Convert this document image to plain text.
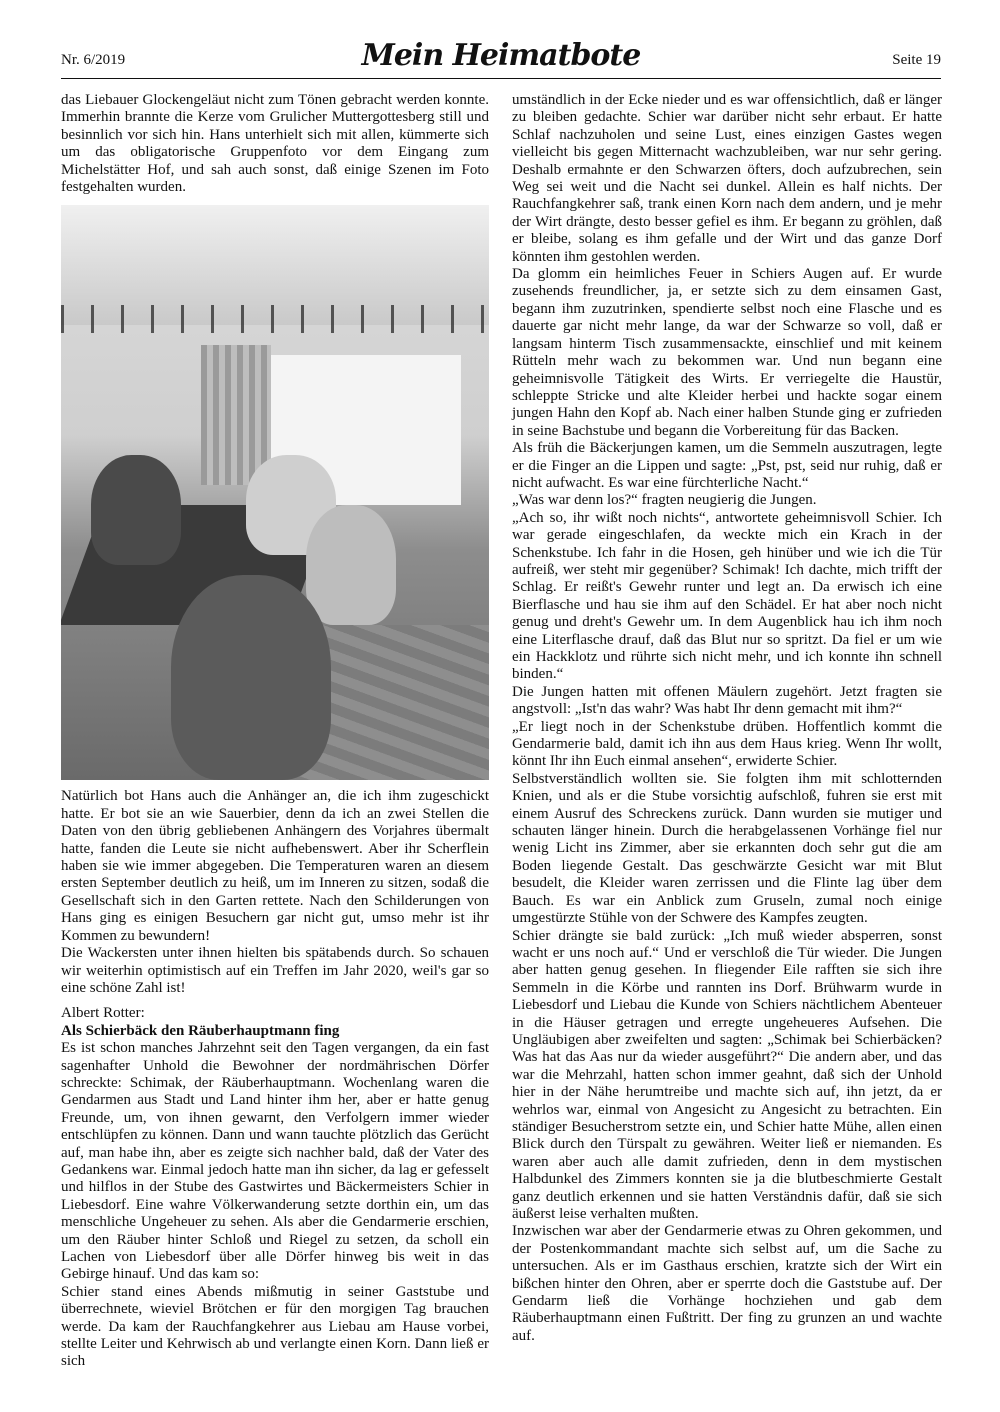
Nr. 6/2019	Mein Heimatbote	Seite 19

das Liebauer Glockengeläut nicht zum Tönen gebracht werden konnte. Immerhin brannte die Kerze vom Grulicher Muttergottesberg still und besinnlich vor sich hin. Hans unterhielt sich mit allen, kümmerte sich um das obligatorische Gruppenfoto vor dem Eingang zum Michelstätter Hof, und sah auch sonst, daß einige Szenen im Foto festgehalten wurden.

Natürlich bot Hans auch die Anhänger an, die ich ihm zugeschickt hatte. Er bot sie an wie Sauerbier, denn da ich an zwei Stellen die Daten von den übrig gebliebenen Anhängern des Vorjahres übermalt hatte, fanden die Leute sie nicht aufhebenswert. Aber ihr Scherflein haben sie wie immer abgegeben. Die Temperaturen waren an diesem ersten September deutlich zu heiß, um im Inneren zu sitzen, sodaß die Gesellschaft sich in den Garten rettete. Nach den Schilderungen von Hans ging es einigen Besuchern gar nicht gut, umso mehr ist ihr Kommen zu bewundern!

Die Wackersten unter ihnen hielten bis spätabends durch. So schauen wir weiterhin optimistisch auf ein Treffen im Jahr 2020, weil's gar so eine schöne Zahl ist!

Albert Rotter:

Als Schierbäck den Räuberhauptmann fing

Es ist schon manches Jahrzehnt seit den Tagen vergangen, da ein fast sagenhafter Unhold die Bewohner der nordmährischen Dörfer schreckte: Schimak, der Räuberhauptmann. Wochenlang waren die Gendarmen aus Stadt und Land hinter ihm her, aber er hatte genug Freunde, um, von ihnen gewarnt, den Verfolgern immer wieder entschlüpfen zu können. Dann und wann tauchte plötzlich das Gerücht auf, man habe ihn, aber es zeigte sich nachher bald, daß der Vater des Gedankens war. Einmal jedoch hatte man ihn sicher, da lag er gefesselt und hilflos in der Stube des Gastwirtes und Bäckermeisters Schier in Liebesdorf. Eine wahre Völkerwanderung setzte dorthin ein, um das menschliche Ungeheuer zu sehen. Als aber die Gendarmerie erschien, um den Räuber hinter Schloß und Riegel zu setzen, da scholl ein Lachen von Liebesdorf über alle Dörfer hinweg bis weit in das Gebirge hinauf. Und das kam so:

Schier stand eines Abends mißmutig in seiner Gaststube und überrechnete, wieviel Brötchen er für den morgigen Tag brauchen werde. Da kam der Rauchfangkehrer aus Liebau am Hause vorbei, stellte Leiter und Kehrwisch ab und verlangte einen Korn. Dann ließ er sich

umständlich in der Ecke nieder und es war offensichtlich, daß er länger zu bleiben gedachte. Schier war darüber nicht sehr erbaut. Er hatte Schlaf nachzuholen und seine Lust, eines einzigen Gastes wegen vielleicht bis gegen Mitternacht wachzubleiben, war nur sehr gering. Deshalb ermahnte er den Schwarzen öfters, doch aufzubrechen, sein Weg sei weit und die Nacht sei dunkel. Allein es half nichts. Der Rauchfangkehrer saß, trank einen Korn nach dem andern, und je mehr der Wirt drängte, desto besser gefiel es ihm. Er begann zu gröhlen, daß er bleibe, solang es ihm gefalle und der Wirt und das ganze Dorf könnten ihm gestohlen werden.

Da glomm ein heimliches Feuer in Schiers Augen auf. Er wurde zusehends freundlicher, ja, er setzte sich zu dem einsamen Gast, begann ihm zuzutrinken, spendierte selbst noch eine Flasche und es dauerte gar nicht mehr lange, da war der Schwarze so voll, daß er langsam hinterm Tisch zusammensackte, einschlief und mit keinem Rütteln mehr wach zu bekommen war. Und nun begann eine geheimnisvolle Tätigkeit des Wirts. Er verriegelte die Haustür, schleppte Stricke und alte Kleider herbei und hackte sogar einem jungen Hahn den Kopf ab. Nach einer halben Stunde ging er zufrieden in seine Bachstube und begann die Vorbereitung für das Backen.

Als früh die Bäckerjungen kamen, um die Semmeln auszutragen, legte er die Finger an die Lippen und sagte: „Pst, pst, seid nur ruhig, daß er nicht aufwacht. Es war eine fürchterliche Nacht.“

„Was war denn los?“ fragten neugierig die Jungen.

„Ach so, ihr wißt noch nichts“, antwortete geheimnisvoll Schier. Ich war gerade eingeschlafen, da weckte mich ein Krach in der Schenkstube. Ich fahr in die Hosen, geh hinüber und wie ich die Tür aufreiß, wer steht mir gegenüber? Schimak! Ich dachte, mich trifft der Schlag. Er reißt's Gewehr runter und legt an. Da erwisch ich eine Bierflasche und hau sie ihm auf den Schädel. Er hat aber noch nicht genug und dreht's Gewehr um. In dem Augenblick hau ich ihm noch eine Literflasche drauf, daß das Blut nur so spritzt. Da fiel er um wie ein Hackklotz und rührte sich nicht mehr, und ich konnte ihn schnell binden.“

Die Jungen hatten mit offenen Mäulern zugehört. Jetzt fragten sie angstvoll: „Ist'n das wahr? Was habt Ihr denn gemacht mit ihm?“

„Er liegt noch in der Schenkstube drüben. Hoffentlich kommt die Gendarmerie bald, damit ich ihn aus dem Haus krieg. Wenn Ihr wollt, könnt Ihr ihn Euch einmal ansehen“, erwiderte Schier.

Selbstverständlich wollten sie. Sie folgten ihm mit schlotternden Knien, und als er die Stube vorsichtig aufschloß, fuhren sie erst mit einem Ausruf des Schreckens zurück. Dann wurden sie mutiger und schauten länger hinein. Durch die herabgelassenen Vorhänge fiel nur wenig Licht ins Zimmer, aber sie erkannten doch sehr gut die am Boden liegende Gestalt. Das geschwärzte Gesicht war mit Blut besudelt, die Kleider waren zerrissen und die Flinte lag über dem Bauch. Es war ein Anblick zum Gruseln, zumal noch einige umgestürzte Stühle von der Schwere des Kampfes zeugten.

Schier drängte sie bald zurück: „Ich muß wieder absperren, sonst wacht er uns noch auf.“ Und er verschloß die Tür wieder. Die Jungen aber hatten genug gesehen. In fliegender Eile rafften sie sich ihre Semmeln in die Körbe und rannten ins Dorf. Brühwarm wurde in Liebesdorf und Liebau die Kunde von Schiers nächtlichem Abenteuer in die Häuser getragen und erregte ungeheueres Aufsehen. Die Ungläubigen aber zweifelten und sagten: „Schimak bei Schierbäcken? Was hat das Aas nur da wieder ausgeführt?“ Die andern aber, und das war die Mehrzahl, hatten schon immer geahnt, daß sich der Unhold hier in der Nähe herumtreibe und machte sich auf, ihn jetzt, da er wehrlos war, einmal von Angesicht zu Angesicht zu betrachten. Ein ständiger Besucherstrom setzte ein, und Schier hatte Mühe, allen einen Blick durch den Türspalt zu gewähren. Weiter ließ er niemanden. Es waren aber auch alle damit zufrieden, denn in dem mystischen Halbdunkel des Zimmers konnten sie ja die blutbeschmierte Gestalt ganz deutlich erkennen und sie hatten Verständnis dafür, daß sie sich äußerst leise verhalten mußten.

Inzwischen war aber der Gendarmerie etwas zu Ohren gekommen, und der Postenkommandant machte sich selbst auf, um die Sache zu untersuchen. Als er im Gasthaus erschien, kratzte sich der Wirt ein bißchen hinter den Ohren, aber er sperrte doch die Gaststube auf. Der Gendarm ließ die Vorhänge hochziehen und gab dem Räuberhauptmann einen Fußtritt. Der fing zu grunzen an und wachte auf.
